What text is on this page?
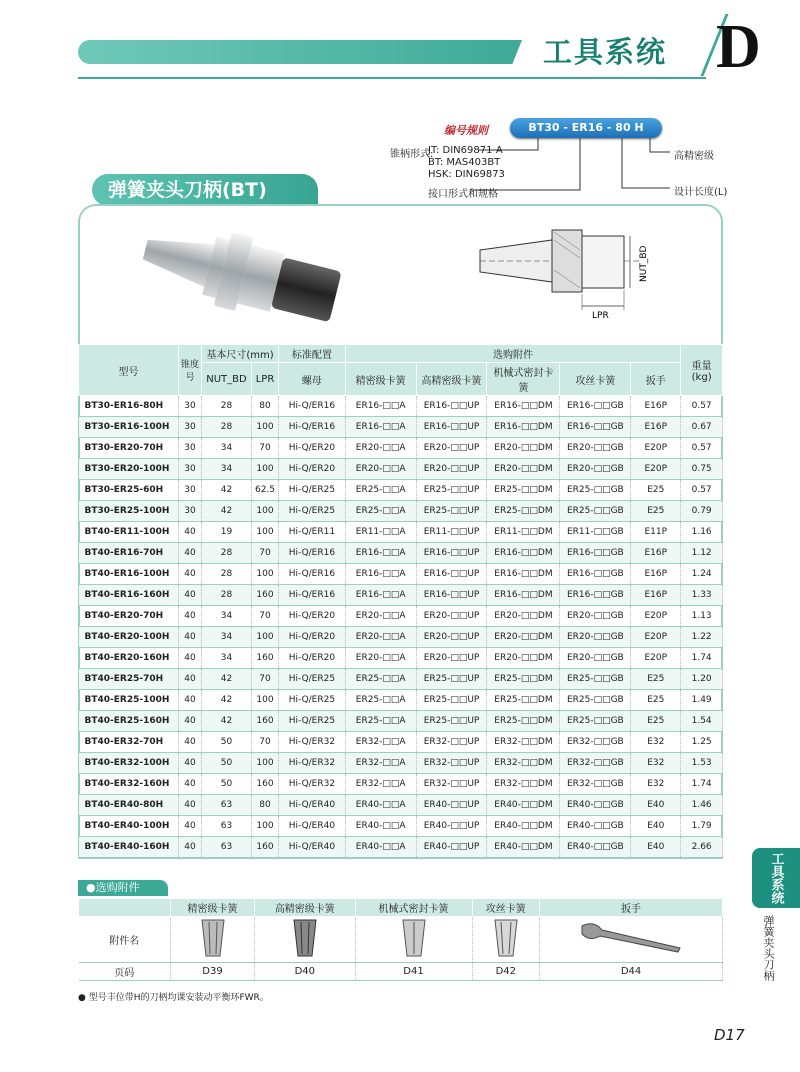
工具系统 D
编号规则	BT30 - ER16 - 80 H
锥柄形式:
JT: DIN69871-A
BT: MAS403BT
HSK: DIN69873
接口形式和规格
高精密级
设计长度(L)
弹簧夹头刀柄(BT)
LPR
NUT_BD
型号	锥度号	基本尺寸(mm)		标准配置	选购附件					重量(kg)
		NUT_BD	LPR	螺母	精密级卡簧	高精密级卡簧	机械式密封卡簧	攻丝卡簧	扳手	
BT30-ER16-80H	30	28	80	Hi-Q/ER16	ER16-□□A	ER16-□□UP	ER16-□□DM	ER16-□□GB	E16P	0.57
BT30-ER16-100H	30	28	100	Hi-Q/ER16	ER16-□□A	ER16-□□UP	ER16-□□DM	ER16-□□GB	E16P	0.67
BT30-ER20-70H	30	34	70	Hi-Q/ER20	ER20-□□A	ER20-□□UP	ER20-□□DM	ER20-□□GB	E20P	0.57
BT30-ER20-100H	30	34	100	Hi-Q/ER20	ER20-□□A	ER20-□□UP	ER20-□□DM	ER20-□□GB	E20P	0.75
BT30-ER25-60H	30	42	62.5	Hi-Q/ER25	ER25-□□A	ER25-□□UP	ER25-□□DM	ER25-□□GB	E25	0.57
BT30-ER25-100H	30	42	100	Hi-Q/ER25	ER25-□□A	ER25-□□UP	ER25-□□DM	ER25-□□GB	E25	0.79
BT40-ER11-100H	40	19	100	Hi-Q/ER11	ER11-□□A	ER11-□□UP	ER11-□□DM	ER11-□□GB	E11P	1.16
BT40-ER16-70H	40	28	70	Hi-Q/ER16	ER16-□□A	ER16-□□UP	ER16-□□DM	ER16-□□GB	E16P	1.12
BT40-ER16-100H	40	28	100	Hi-Q/ER16	ER16-□□A	ER16-□□UP	ER16-□□DM	ER16-□□GB	E16P	1.24
BT40-ER16-160H	40	28	160	Hi-Q/ER16	ER16-□□A	ER16-□□UP	ER16-□□DM	ER16-□□GB	E16P	1.33
BT40-ER20-70H	40	34	70	Hi-Q/ER20	ER20-□□A	ER20-□□UP	ER20-□□DM	ER20-□□GB	E20P	1.13
BT40-ER20-100H	40	34	100	Hi-Q/ER20	ER20-□□A	ER20-□□UP	ER20-□□DM	ER20-□□GB	E20P	1.22
BT40-ER20-160H	40	34	160	Hi-Q/ER20	ER20-□□A	ER20-□□UP	ER20-□□DM	ER20-□□GB	E20P	1.74
BT40-ER25-70H	40	42	70	Hi-Q/ER25	ER25-□□A	ER25-□□UP	ER25-□□DM	ER25-□□GB	E25	1.20
BT40-ER25-100H	40	42	100	Hi-Q/ER25	ER25-□□A	ER25-□□UP	ER25-□□DM	ER25-□□GB	E25	1.49
BT40-ER25-160H	40	42	160	Hi-Q/ER25	ER25-□□A	ER25-□□UP	ER25-□□DM	ER25-□□GB	E25	1.54
BT40-ER32-70H	40	50	70	Hi-Q/ER32	ER32-□□A	ER32-□□UP	ER32-□□DM	ER32-□□GB	E32	1.25
BT40-ER32-100H	40	50	100	Hi-Q/ER32	ER32-□□A	ER32-□□UP	ER32-□□DM	ER32-□□GB	E32	1.53
BT40-ER32-160H	40	50	160	Hi-Q/ER32	ER32-□□A	ER32-□□UP	ER32-□□DM	ER32-□□GB	E32	1.74
BT40-ER40-80H	40	63	80	Hi-Q/ER40	ER40-□□A	ER40-□□UP	ER40-□□DM	ER40-□□GB	E40	1.46
BT40-ER40-100H	40	63	100	Hi-Q/ER40	ER40-□□A	ER40-□□UP	ER40-□□DM	ER40-□□GB	E40	1.79
BT40-ER40-160H	40	63	160	Hi-Q/ER40	ER40-□□A	ER40-□□UP	ER40-□□DM	ER40-□□GB	E40	2.66
●选购附件
	精密级卡簧	高精密级卡簧	机械式密封卡簧	攻丝卡簧	扳手
附件名					
页码	D39	D40	D41	D42	D44
● 型号丰位带H的刀柄均课安装动平衡环FWR。
工具系统
弹簧夹头刀柄
D17
